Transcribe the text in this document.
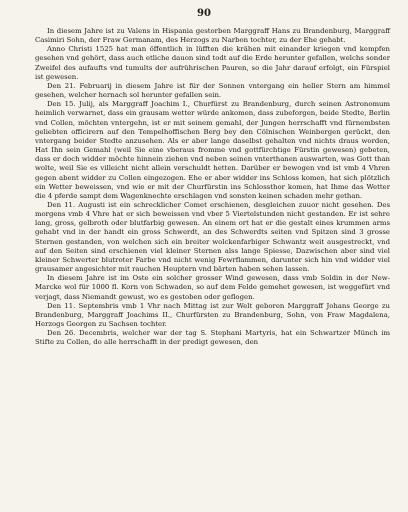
90

In diesem Jahre ist zu Valens in Hispania gestorben Marggraff Hans zu Brandenburg, Marggraff Casimiri Sohn, der Fraw Germanam, des Herzogs zu Narbon tochter, zu der Ehe gehabt.

Anno Christi 1525 hat man öffentlich in lüfften die krähen mit einander kriegen vnd kempfen gesehen vnd gehört, dass auch etliche dauon sind todt auf die Erde herunter gefallen, welchs sonder Zweifel des aufaufts vnd tumults der aufrührischen Pauren, so die Jahr darauf erfolgt, ein Fürspiel ist gewesen.

Den 21. Februarij in diesem Jahre ist für der Sonnen vntergang ein heller Stern am himmel gesehen, welcher hernach sol herunter gefallen sein.

Den 15. Julij, als Marggraff Joachim I., Churfürst zu Brandenburg, durch seinen Astronomum heimlich verwarnet, dass ein grausam wetter würde ankomen, dass zubeforgen, beide Stedte, Berlin vnd Collen, möchten vntergehn, ist er mit seinem gemahl, der Jungen herrschafft vnd fürnembsten geliebten officirern auf den Tempelhoffischen Berg bey den Cölnischen Weinbergen gerückt, den vntergang beider Stedte anzusehen. Als er aber lange daselbst gehalten vnd nichts draus worden, Hat Ihn sein Gemahl (weil Sie eine vberaus fromme vnd gottfürchtige Fürstin gewesen) gebeten, dass er doch widder möchte hinnein ziehen vnd neben seinen vnterthanen auswarten, was Gott than wolte, weil Sie es villeicht nicht allein verschuldt hetten. Darüber er bewogen vnd ist vmb 4 Vhren gegen abent widder zu Collen eingezogen. Ehe er aber widder ins Schloss komen, hat sich plötzlich ein Wetter beweissen, vnd wie er mit der Churfürstin ins Schlossthor komen, hat Ihme das Wetter die 4 pferde sampt dem Wagenknechte erschlagen vnd sonsten keinen schaden mehr gethan.

Den 11. Augusti ist ein schrecklicher Comet erschienen, desgleichen zuuor nicht gesehen. Des morgens vmb 4 Vhre hat er sich beweissen vnd vber 5 Viertelstunden nicht gestanden. Er ist sehre lang, gross, gelbroth oder blutfarbig gewesen. An einem ort hat er die gestalt eines krummen arms gehabt vnd in der handt ein gross Schwerdt, an des Schwerdts seiten vnd Spitzen sind 3 grosse Sternen gestanden, von welchen sich ein breiter wolckenfarbiger Schwantz weit ausgestreckt, vnd auf den Seiten sind erschienen viel kleiner Sternen alss lange Spiesse, Dazwischen aber sind viel kleiner Schwerter blutroter Farbe vnd nicht wenig Fewrflammen, darunter sich hin vnd widder viel grausamer angesichter mit rauchen Heuptern vnd bärten haben sehen lassen.

In diesem Jahre ist im Oste ein solcher grosser Wind gewesen, dass vmb Soldin in der New-Marcke wol für 1000 fl. Korn von Schwaden, so auf dem Felde gemehet gewesen, ist weggefürt vnd verjagt, dass Niemandt gewust, wo es gestoben oder geflogen.

Den 11. Septembris vmb 1 Vhr nach Mittag ist zur Welt geboren Marggraff Johans George zu Brandenburg, Marggraff Joachims II., Churfürsten zu Brandenburg, Sohn, von Fraw Magdalena, Herzogs Georgen zu Sachsen tochter.

Den 26. Decembris, welcher war der tag S. Stephani Martyris, hat ein Schwartzer Münch im Stifte zu Collen, do alle herrschafft in der predigt gewesen, den
